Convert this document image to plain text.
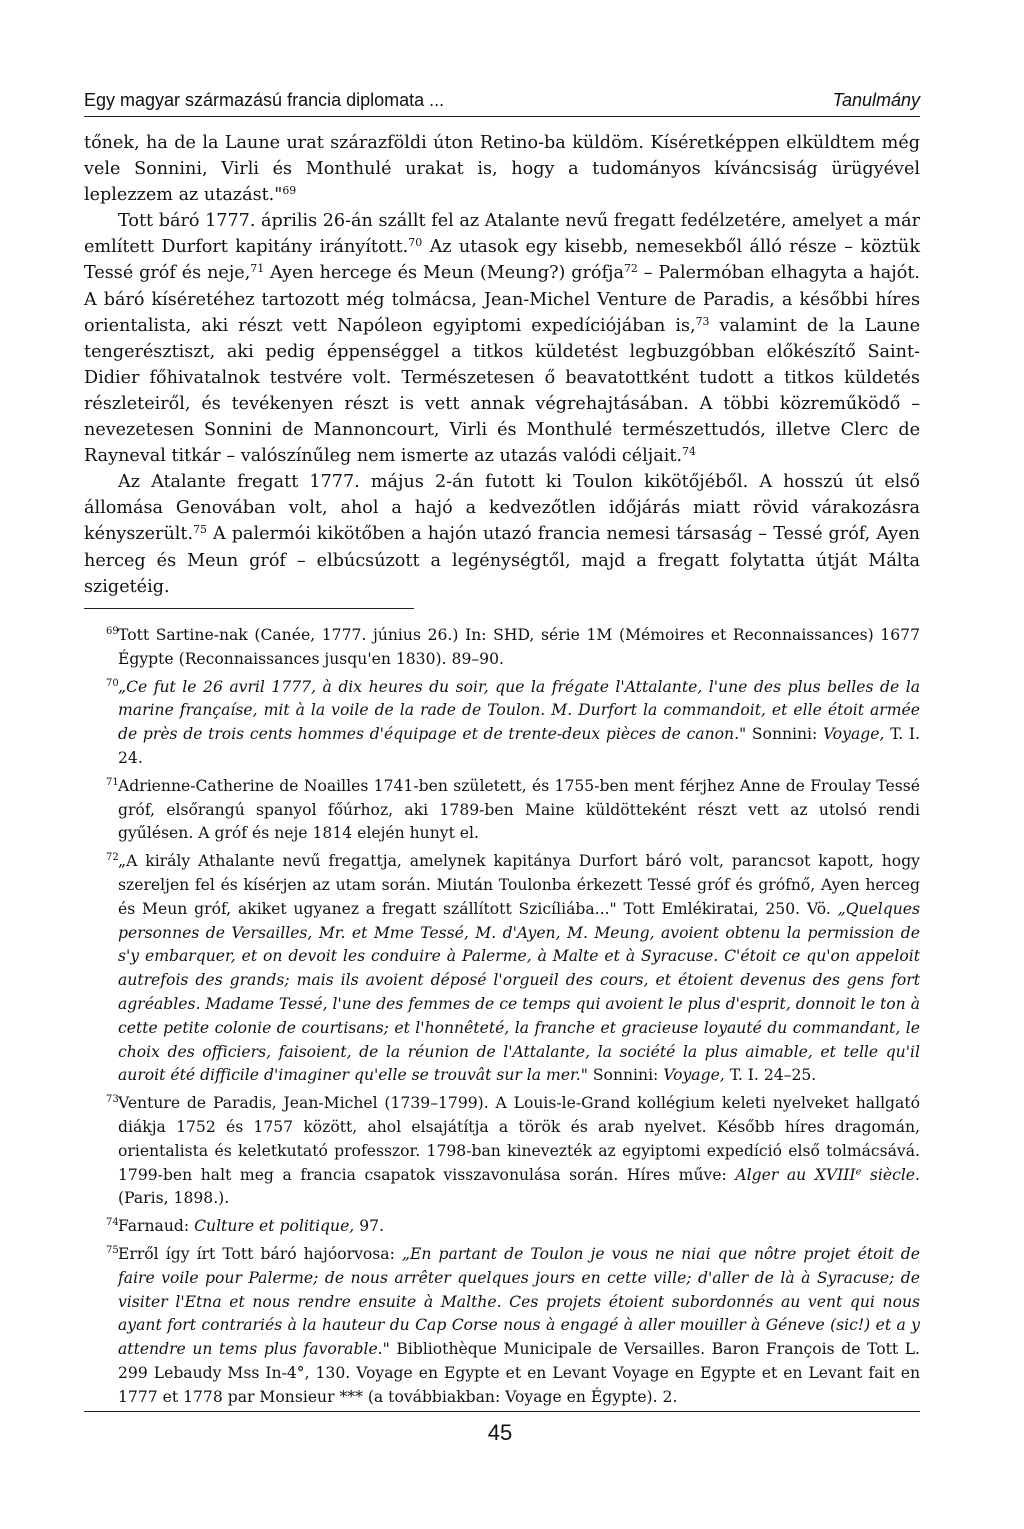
Egy magyar származású francia diplomata ...	Tanulmány

tőnek, ha de la Laune urat szárazföldi úton Retino-ba küldöm. Kíséretképpen elküldtem még vele Sonnini, Virli és Monthulé urakat is, hogy a tudományos kíváncsiság ürügyével leplezzem az utazást."$^{69}$

Tott báró 1777. április 26-án szállt fel az Atalante nevű fregatt fedélzetére, amelyet a már említett Durfort kapitány irányított.$^{70}$ Az utasok egy kisebb, nemesekből álló része – köztük Tessé gróf és neje,$^{71}$ Ayen hercege és Meun (Meung?) grófja$^{72}$ – Palermóban elhagyta a hajót. A báró kíséretéhez tartozott még tolmácsa, Jean-Michel Venture de Paradis, a későbbi híres orientalista, aki részt vett Napóleon egyiptomi expedíciójában is,$^{73}$ valamint de la Laune tengerésztiszt, aki pedig éppenséggel a titkos küldetést legbuzgóbban előkészítő Saint-Didier főhivatalnok testvére volt. Természetesen ő beavatottként tudott a titkos küldetés részleteiről, és tevékenyen részt is vett annak végrehajtásában. A többi közreműködő – nevezetesen Sonnini de Mannoncourt, Virli és Monthulé természettudós, illetve Clerc de Rayneval titkár – valószínűleg nem ismerte az utazás valódi céljait.$^{74}$

Az Atalante fregatt 1777. május 2-án futott ki Toulon kikötőjéből. A hosszú út első állomása Genovában volt, ahol a hajó a kedvezőtlen időjárás miatt rövid várakozásra kényszerült.$^{75}$ A palermói kikötőben a hajón utazó francia nemesi társaság – Tessé gróf, Ayen herceg és Meun gróf – elbúcsúzott a legénységtől, majd a fregatt folytatta útját Málta szigetéig.

69 Tott Sartine-nak (Canée, 1777. június 26.) In: SHD, série 1M (Mémoires et Reconnaissances) 1677 Égypte (Reconnaissances jusqu'en 1830). 89–90.
70 „Ce fut le 26 avril 1777, à dix heures du soir, que la frégate l'Attalante, l'une des plus belles de la marine françaíse, mit à la voile de la rade de Toulon. M. Durfort la commandoit, et elle étoit armée de près de trois cents hommes d'équipage et de trente-deux pièces de canon." Sonnini: Voyage, T. I. 24.
71 Adrienne-Catherine de Noailles 1741-ben született, és 1755-ben ment férjhez Anne de Froulay Tessé gróf, elsőrangú spanyol főúrhoz, aki 1789-ben Maine küldötteként részt vett az utolsó rendi gyűlésen. A gróf és neje 1814 elején hunyt el.
72 „A király Athalante nevű fregattja, amelynek kapitánya Durfort báró volt, parancsot kapott, hogy szereljen fel és kísérjen az utam során. Miután Toulonba érkezett Tessé gróf és grófnő, Ayen herceg és Meun gróf, akiket ugyanez a fregatt szállított Szicíliába..." Tott Emlékiratai, 250. Vö. „Quelques personnes de Versailles, Mr. et Mme Tessé, M. d'Ayen, M. Meung, avoient obtenu la permission de s'y embarquer, et on devoit les conduire à Palerme, à Malte et à Syracuse. C'étoit ce qu'on appeloit autrefois des grands; mais ils avoient déposé l'orgueil des cours, et étoient devenus des gens fort agréables. Madame Tessé, l'une des femmes de ce temps qui avoient le plus d'esprit, donnoit le ton à cette petite colonie de courtisans; et l'honnêteté, la franche et gracieuse loyauté du commandant, le choix des officiers, faisoient, de la réunion de l'Attalante, la société la plus aimable, et telle qu'il auroit été difficile d'imaginer qu'elle se trouvât sur la mer." Sonnini: Voyage, T. I. 24–25.
73 Venture de Paradis, Jean-Michel (1739–1799). A Louis-le-Grand kollégium keleti nyelveket hallgató diákja 1752 és 1757 között, ahol elsajátítja a török és arab nyelvet. Később híres dragomán, orientalista és keletkutató professzor. 1798-ban kinevezték az egyiptomi expedíció első tolmácsává. 1799-ben halt meg a francia csapatok visszavonulása során. Híres műve: Alger au XVIIIe siècle. (Paris, 1898.).
74 Farnaud: Culture et politique, 97.
75 Erről így írt Tott báró hajóorvosa: „En partant de Toulon je vous ne niai que nôtre projet étoit de faire voile pour Palerme; de nous arrêter quelques jours en cette ville; d'aller de là à Syracuse; de visiter l'Etna et nous rendre ensuite à Malthe. Ces projets étoient subordonnés au vent qui nous ayant fort contrariés à la hauteur du Cap Corse nous à engagé à aller mouiller à Géneve (sic!) et a y attendre un tems plus favorable." Bibliothèque Municipale de Versailles. Baron François de Tott L. 299 Lebaudy Mss In-4°, 130. Voyage en Egypte et en Levant Voyage en Egypte et en Levant fait en 1777 et 1778 par Monsieur *** (a továbbiakban: Voyage en Égypte). 2.
45
